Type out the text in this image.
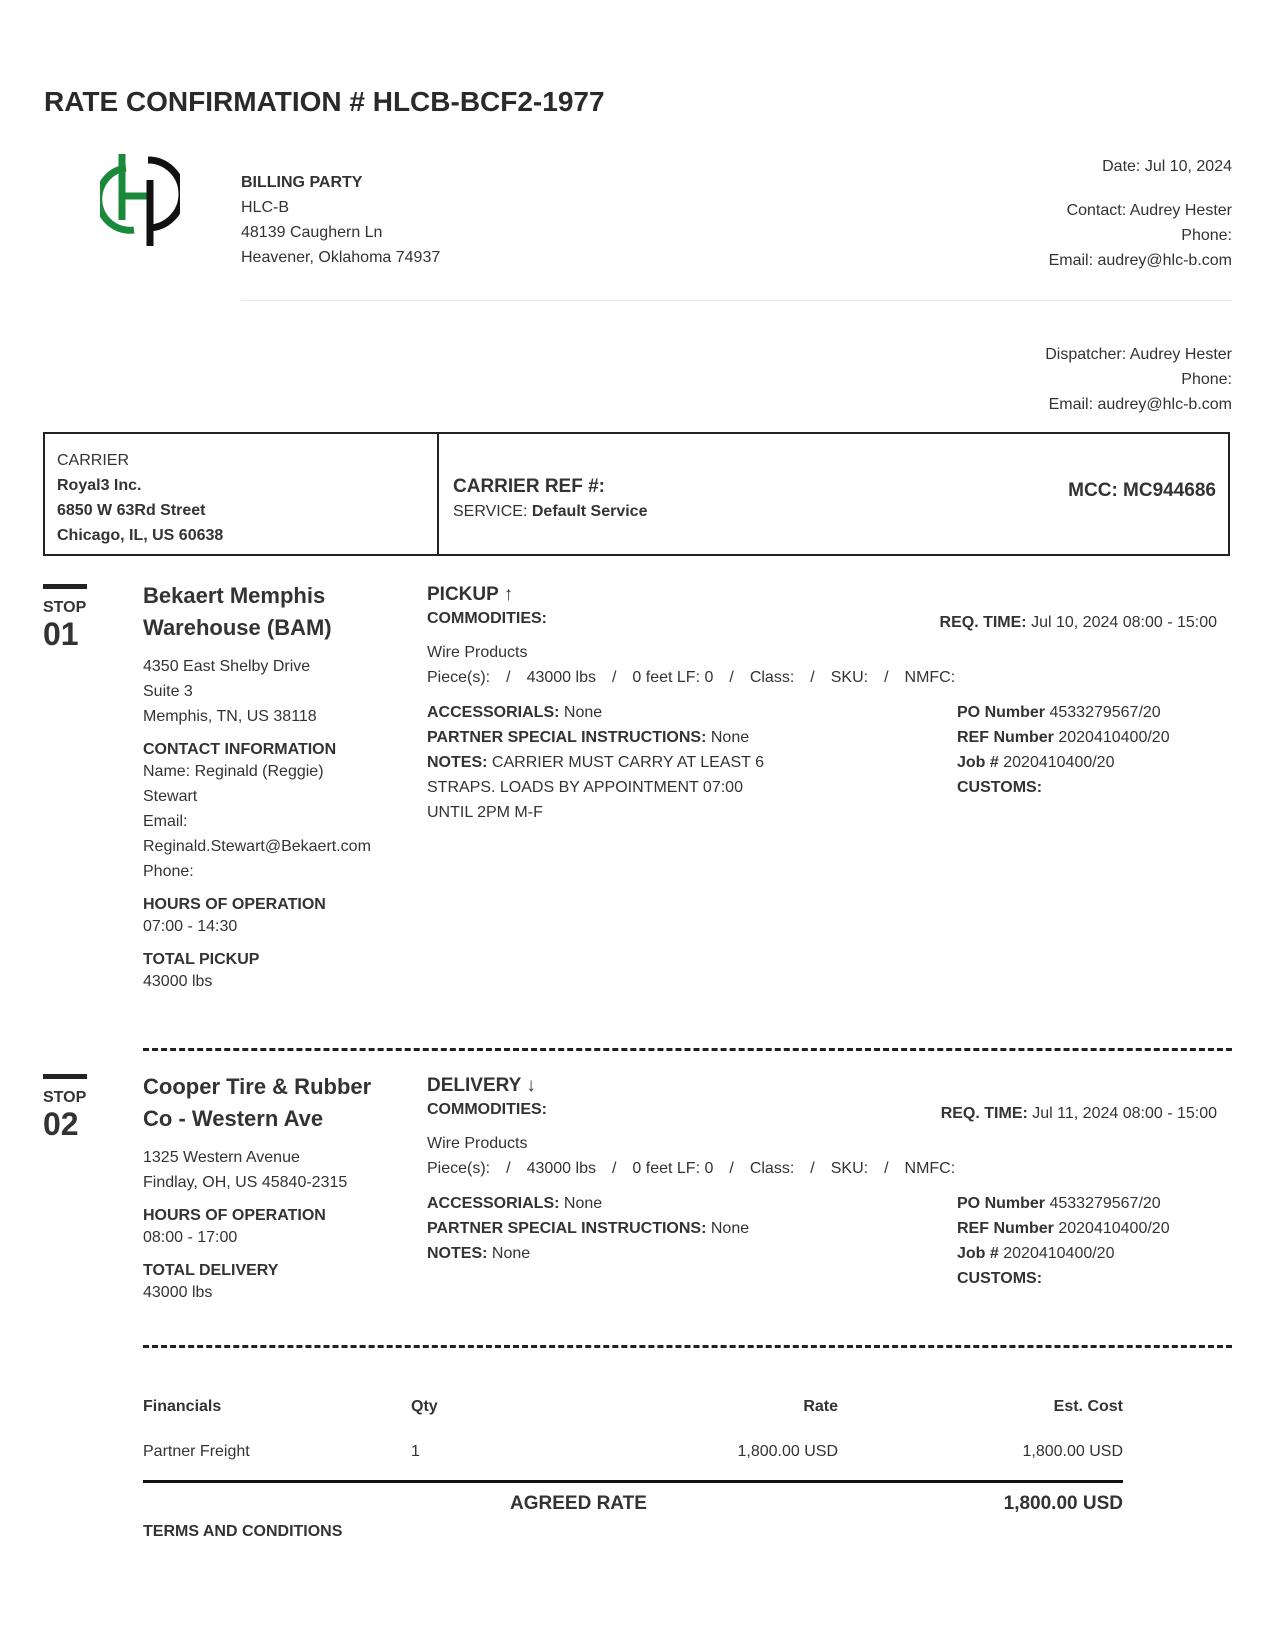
RATE CONFIRMATION # HLCB-BCF2-1977
BILLING PARTY
HLC-B
48139 Caughern Ln
Heavener, Oklahoma 74937
Date: Jul 10, 2024
Contact: Audrey Hester
Phone:
Email: audrey@hlc-b.com
Dispatcher: Audrey Hester
Phone:
Email: audrey@hlc-b.com
CARRIER
Royal3 Inc.
6850 W 63Rd Street
Chicago, IL, US 60638
CARRIER REF #:
SERVICE: Default Service
MCC: MC944686
STOP
01
Bekaert Memphis
Warehouse (BAM)
4350 East Shelby Drive
Suite 3
Memphis, TN, US 38118
CONTACT INFORMATION
Name: Reginald (Reggie)
Stewart
Email:
Reginald.Stewart@Bekaert.com
Phone:
HOURS OF OPERATION
07:00 - 14:30
TOTAL PICKUP
43000 lbs
PICKUP ↑
COMMODITIES:	REQ. TIME: Jul 10, 2024 08:00 - 15:00
Wire Products
Piece(s): / 43000 lbs / 0 feet LF: 0 / Class: / SKU: / NMFC:
ACCESSORIALS: None
PARTNER SPECIAL INSTRUCTIONS: None
NOTES: CARRIER MUST CARRY AT LEAST 6
STRAPS. LOADS BY APPOINTMENT 07:00
UNTIL 2PM M-F
PO Number 4533279567/20
REF Number 2020410400/20
Job # 2020410400/20
CUSTOMS:
STOP
02
Cooper Tire & Rubber
Co - Western Ave
1325 Western Avenue
Findlay, OH, US 45840-2315
HOURS OF OPERATION
08:00 - 17:00
TOTAL DELIVERY
43000 lbs
DELIVERY ↓
COMMODITIES:	REQ. TIME: Jul 11, 2024 08:00 - 15:00
Wire Products
Piece(s): / 43000 lbs / 0 feet LF: 0 / Class: / SKU: / NMFC:
ACCESSORIALS: None
PARTNER SPECIAL INSTRUCTIONS: None
NOTES: None
PO Number 4533279567/20
REF Number 2020410400/20
Job # 2020410400/20
CUSTOMS:
Financials	Qty	Rate	Est. Cost
Partner Freight	1	1,800.00 USD	1,800.00 USD
AGREED RATE	1,800.00 USD
TERMS AND CONDITIONS
